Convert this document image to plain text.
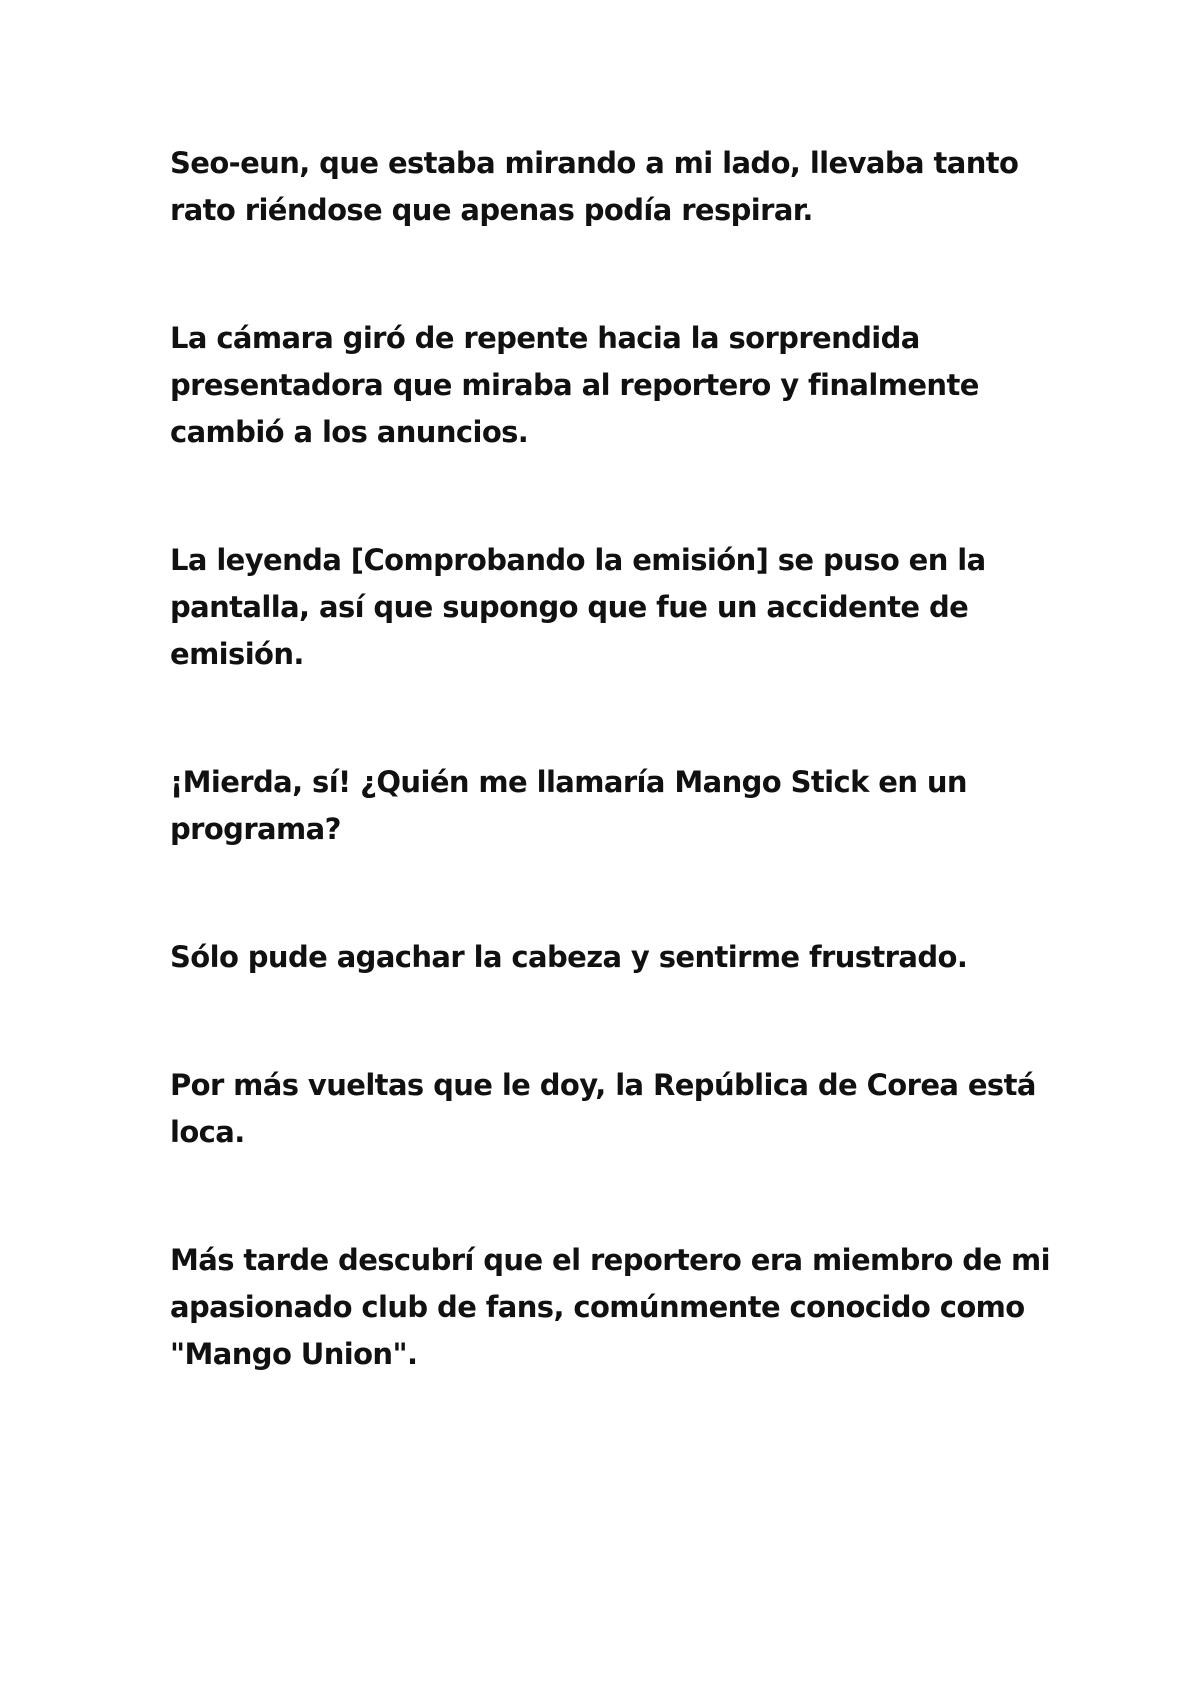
Seo-eun, que estaba mirando a mi lado, llevaba tanto
rato riéndose que apenas podía respirar.

La cámara giró de repente hacia la sorprendida
presentadora que miraba al reportero y finalmente
cambió a los anuncios.

La leyenda [Comprobando la emisión] se puso en la
pantalla, así que supongo que fue un accidente de
emisión.

¡Mierda, sí! ¿Quién me llamaría Mango Stick en un
programa?

Sólo pude agachar la cabeza y sentirme frustrado.

Por más vueltas que le doy, la República de Corea está
loca.

Más tarde descubrí que el reportero era miembro de mi
apasionado club de fans, comúnmente conocido como
"Mango Union".
